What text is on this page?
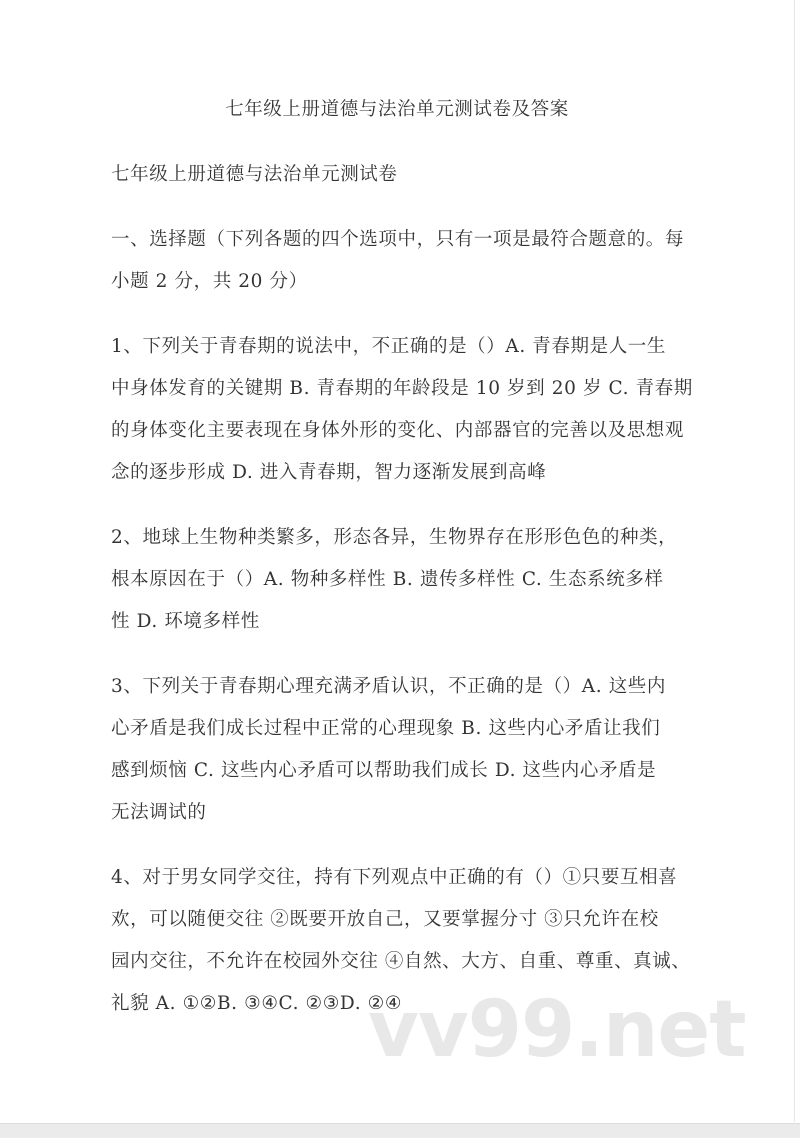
七年级上册道德与法治单元测试卷及答案
七年级上册道德与法治单元测试卷
一、选择题（下列各题的四个选项中，只有一项是最符合题意的。每
小题 2 分，共 20 分）
1、下列关于青春期的说法中，不正确的是（）A. 青春期是人一生
中身体发育的关键期 B. 青春期的年龄段是 10 岁到 20 岁 C. 青春期
的身体变化主要表现在身体外形的变化、内部器官的完善以及思想观
念的逐步形成 D. 进入青春期，智力逐渐发展到高峰
2、地球上生物种类繁多，形态各异，生物界存在形形色色的种类，
根本原因在于（）A. 物种多样性 B. 遗传多样性 C. 生态系统多样
性 D. 环境多样性
3、下列关于青春期心理充满矛盾认识，不正确的是（）A. 这些内
心矛盾是我们成长过程中正常的心理现象 B. 这些内心矛盾让我们
感到烦恼 C. 这些内心矛盾可以帮助我们成长 D. 这些内心矛盾是
无法调试的
4、对于男女同学交往，持有下列观点中正确的有（）①只要互相喜
欢，可以随便交往 ②既要开放自己，又要掌握分寸 ③只允许在校
园内交往，不允许在校园外交往 ④自然、大方、自重、尊重、真诚、
礼貌 A. ①②B. ③④C. ②③D. ②④
vv99.net
